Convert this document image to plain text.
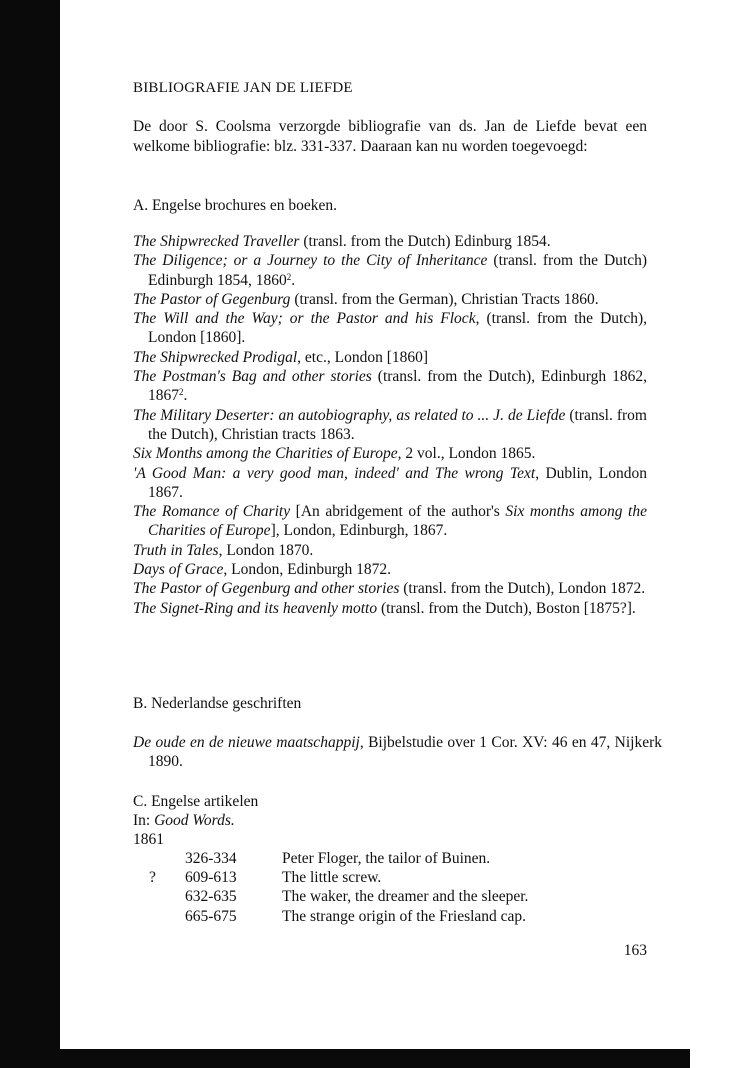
BIBLIOGRAFIE JAN DE LIEFDE
De door S. Coolsma verzorgde bibliografie van ds. Jan de Liefde bevat een welkome bibliografie: blz. 331-337. Daaraan kan nu worden toegevoegd:
A. Engelse brochures en boeken.
The Shipwrecked Traveller (transl. from the Dutch) Edinburg 1854.
The Diligence; or a Journey to the City of Inheritance (transl. from the Dutch) Edinburgh 1854, 1860$^2$.
The Pastor of Gegenburg (transl. from the German), Christian Tracts 1860.
The Will and the Way; or the Pastor and his Flock, (transl. from the Dutch), London [1860].
The Shipwrecked Prodigal, etc., London [1860]
The Postman's Bag and other stories (transl. from the Dutch), Edinburgh 1862, 1867$^2$.
The Military Deserter: an autobiography, as related to ... J. de Liefde (transl. from the Dutch), Christian tracts 1863.
Six Months among the Charities of Europe, 2 vol., London 1865.
'A Good Man: a very good man, indeed' and The wrong Text, Dublin, London 1867.
The Romance of Charity [An abridgement of the author's Six months among the Charities of Europe], London, Edinburgh, 1867.
Truth in Tales, London 1870.
Days of Grace, London, Edinburgh 1872.
The Pastor of Gegenburg and other stories (transl. from the Dutch), London 1872.
The Signet-Ring and its heavenly motto (transl. from the Dutch), Boston [1875?].
B. Nederlandse geschriften
De oude en de nieuwe maatschappij, Bijbelstudie over 1 Cor. XV: 46 en 47, Nijkerk 1890.
C. Engelse artikelen
In: Good Words.
1861
326-334	Peter Floger, the tailor of Buinen.
? 609-613	The little screw.
632-635	The waker, the dreamer and the sleeper.
665-675	The strange origin of the Friesland cap.
163
